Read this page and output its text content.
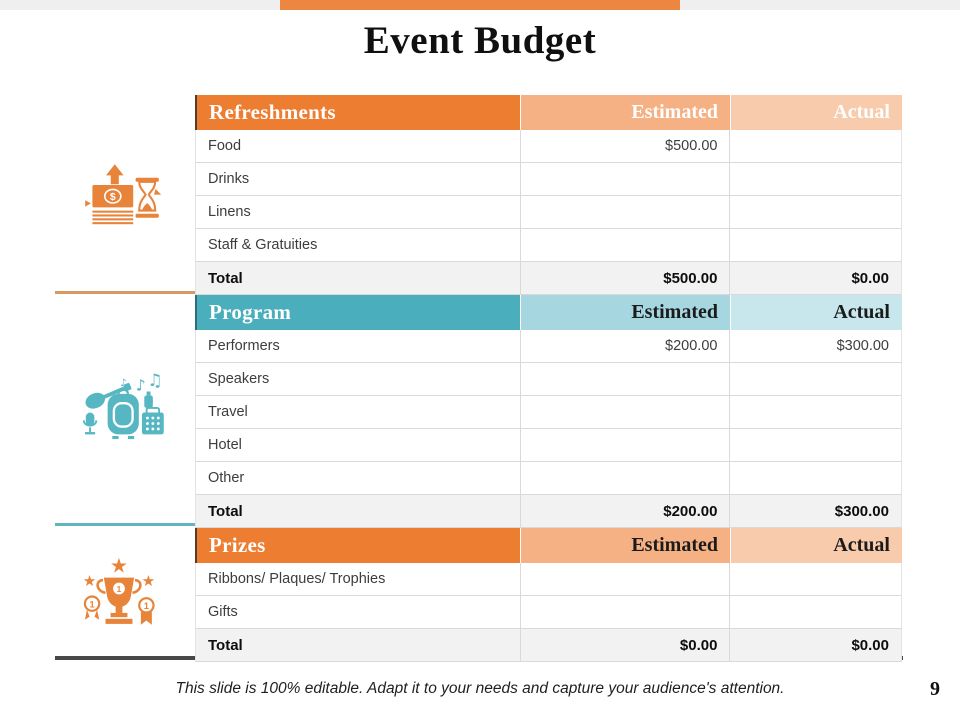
Event Budget
$
♪ ♫
♪
★
★	★
1
1	1
Refreshments	Estimated	Actual
Food	$500.00
Drinks
Linens
Staff & Gratuities
Total	$500.00	$0.00
Program	Estimated	Actual
Performers	$200.00	$300.00
Speakers
Travel
Hotel
Other
Total	$200.00	$300.00
Prizes	Estimated	Actual
Ribbons/ Plaques/ Trophies
Gifts
Total	$0.00	$0.00
This slide is 100% editable. Adapt it to your needs and capture your audience's attention.	9
